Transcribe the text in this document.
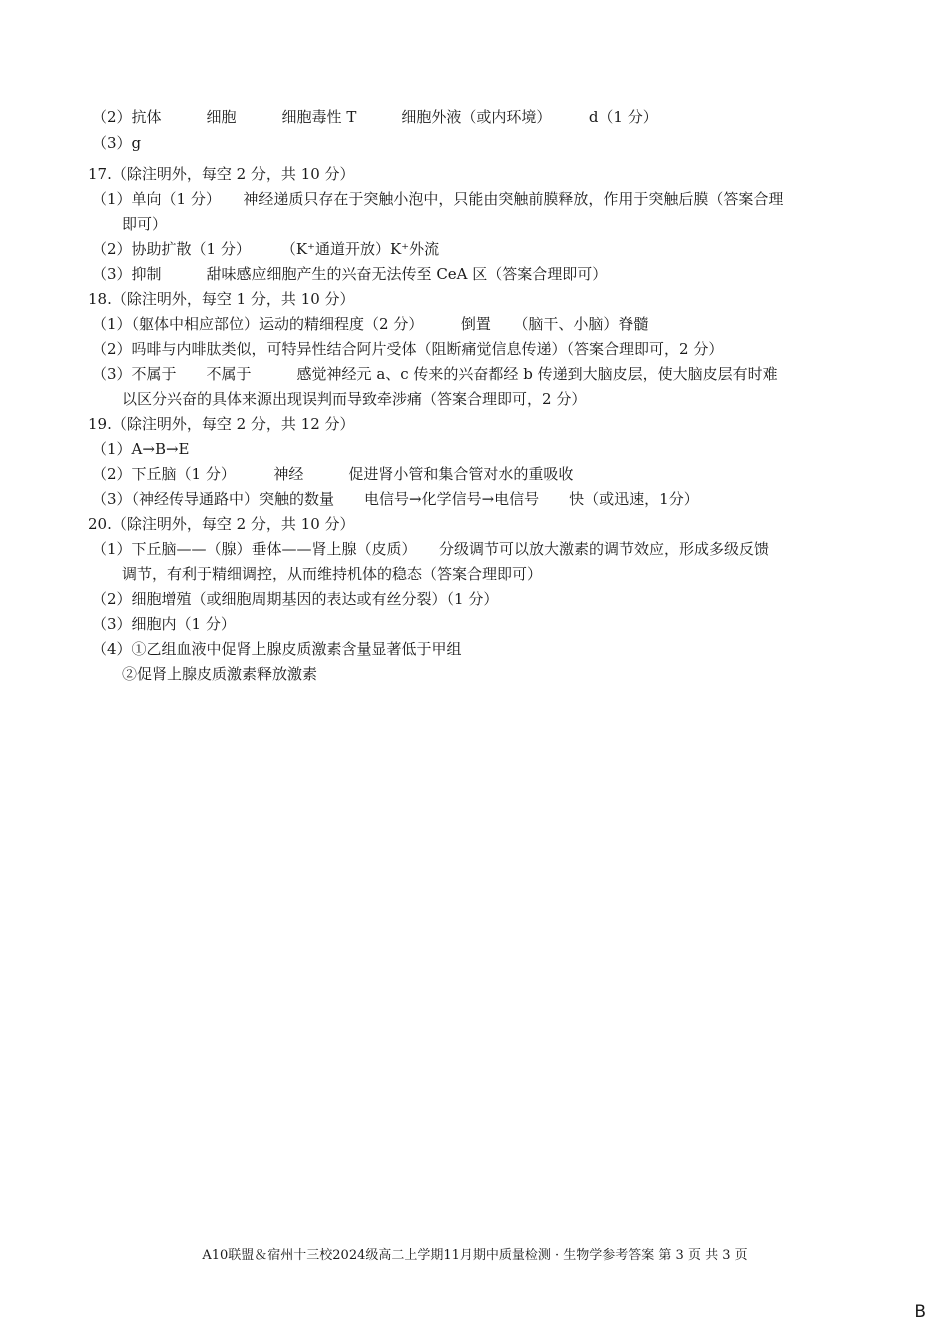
（2）抗体　　　细胞　　　细胞毒性 T　　　细胞外液（或内环境）　　　d（1 分）
（3）g
17.（除注明外，每空 2 分，共 10 分）
（1）单向（1 分）　　神经递质只存在于突触小泡中，只能由突触前膜释放，作用于突触后膜（答案合理
　　即可）
（2）协助扩散（1 分）　　　（K⁺通道开放）K⁺外流
（3）抑制　　　甜味感应细胞产生的兴奋无法传至 CeA 区（答案合理即可）
18.（除注明外，每空 1 分，共 10 分）
（1）（躯体中相应部位）运动的精细程度（2 分）　　　倒置　　（脑干、小脑）脊髓
（2）吗啡与内啡肽类似，可特异性结合阿片受体（阻断痛觉信息传递）（答案合理即可，2 分）
（3）不属于　　不属于　　　感觉神经元 a、c 传来的兴奋都经 b 传递到大脑皮层，使大脑皮层有时难
　　以区分兴奋的具体来源出现误判而导致牵涉痛（答案合理即可，2 分）
19.（除注明外，每空 2 分，共 12 分）
（1）A→B→E
（2）下丘脑（1 分）　　　神经　　　促进肾小管和集合管对水的重吸收
（3）（神经传导通路中）突触的数量　　电信号→化学信号→电信号　　快（或迅速，1分）
20.（除注明外，每空 2 分，共 10 分）
（1）下丘脑——（腺）垂体——肾上腺（皮质）　　分级调节可以放大激素的调节效应，形成多级反馈
　　调节，有利于精细调控，从而维持机体的稳态（答案合理即可）
（2）细胞增殖（或细胞周期基因的表达或有丝分裂）（1 分）
（3）细胞内（1 分）
（4）①乙组血液中促肾上腺皮质激素含量显著低于甲组
　　②促肾上腺皮质激素释放激素
A10联盟＆宿州十三校2024级高二上学期11月期中质量检测 · 生物学参考答案 第 3 页 共 3 页
B
